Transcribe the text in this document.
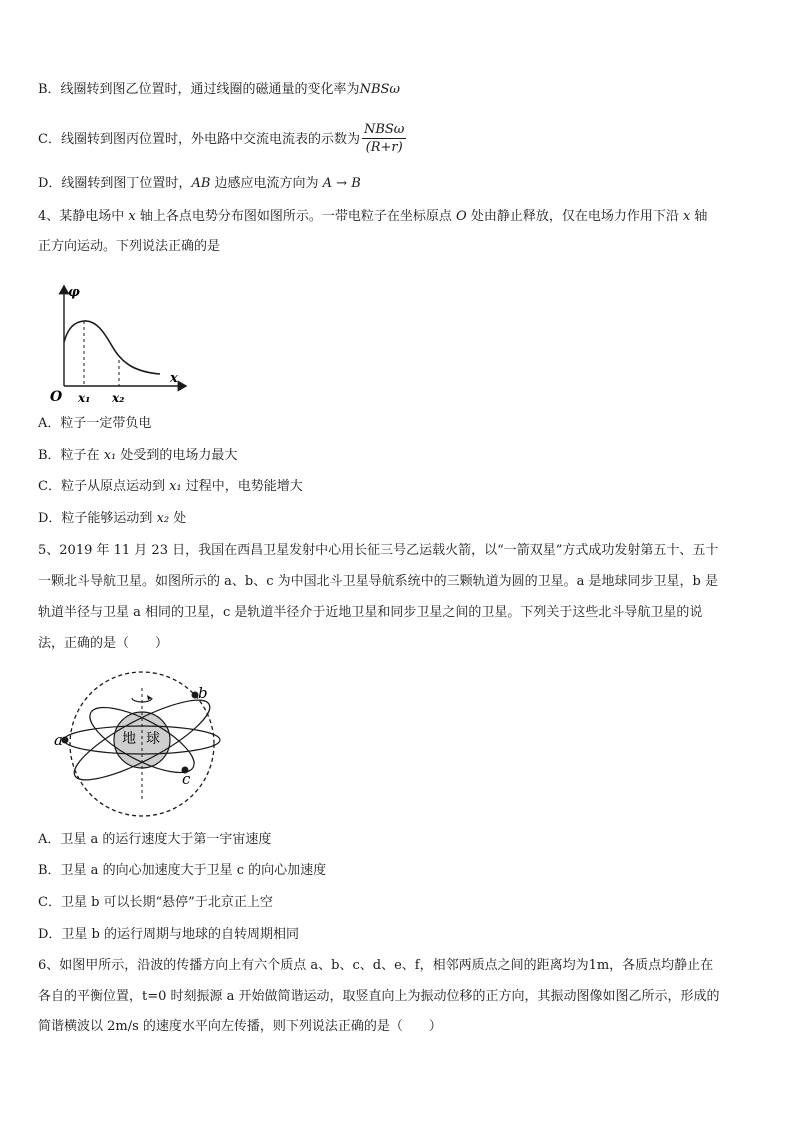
B．线圈转到图乙位置时，通过线圈的磁通量的变化率为NBSω
C．线圈转到图丙位置时，外电路中交流电流表的示数为 $\frac{\text{NBSω}}{(R+r)}$
D．线圈转到图丁位置时，AB 边感应电流方向为 A → B
4、某静电场中 x 轴上各点电势分布图如图所示。一带电粒子在坐标原点 O 处由静止释放，仅在电场力作用下沿 x 轴
正方向运动。下列说法正确的是
φ
x
O x₁ x₂
A．粒子一定带负电
B．粒子在 x₁ 处受到的电场力最大
C．粒子从原点运动到 x₁ 过程中，电势能增大
D．粒子能够运动到 x₂ 处
5、2019 年 11 月 23 日，我国在西昌卫星发射中心用长征三号乙运载火箭，以“一箭双星”方式成功发射第五十、五十
一颗北斗导航卫星。如图所示的 a、b、c 为中国北斗卫星导航系统中的三颗轨道为圆的卫星。a 是地球同步卫星，b 是
轨道半径与卫星 a 相同的卫星，c 是轨道半径介于近地卫星和同步卫星之间的卫星。下列关于这些北斗导航卫星的说
法，正确的是（　　）
地 球
a
b
c
A．卫星 a 的运行速度大于第一宇宙速度
B．卫星 a 的向心加速度大于卫星 c 的向心加速度
C．卫星 b 可以长期“悬停”于北京正上空
D．卫星 b 的运行周期与地球的自转周期相同
6、如图甲所示，沿波的传播方向上有六个质点 a、b、c、d、e、f，相邻两质点之间的距离均为1m，各质点均静止在
各自的平衡位置，t=0 时刻振源 a 开始做简谐运动，取竖直向上为振动位移的正方向，其振动图像如图乙所示，形成的
简谐横波以 2m/s 的速度水平向左传播，则下列说法正确的是（　　）
